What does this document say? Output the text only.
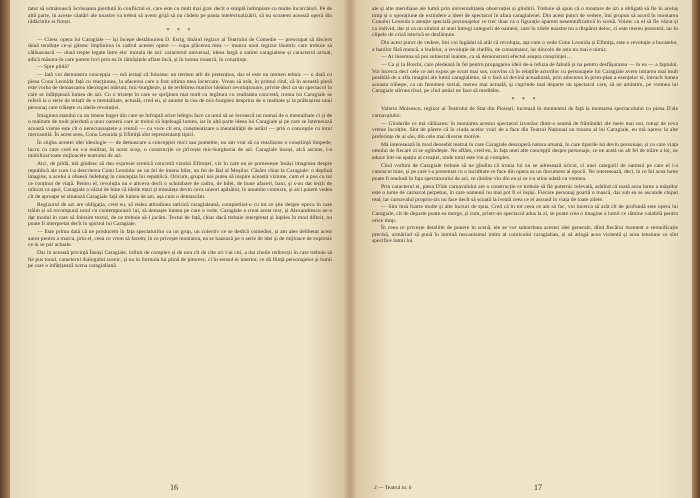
tator să urmărească Scrisoarea pierdută în conflictul ei, care este cu mult mai grav decît o simplă întîmplare cu multe încurcături. Pe de altă parte, în aceste căutări ale noastre va trebui să avem grijă să nu cădem pe panta intelectualizării, să nu scoatem această operă din rădăcinile ei firești.

* * *

— Citesc opera lui Caragiale — își începe destăinuirea D. Esrig, tînărul regizor al Teatrului de Comedie — preocupat să discern două tendințe ce-și găsesc împlinirea în cadrul acestei opere — cupa plăcerea mea — munca unui regizor lăuntric care trebuie să călăuzească — două trepte legate între ele: morala de azi: caracterul universal, ideea largă a satirei caragialene și caracterul actual, adică măsura-în care putem lovi prin ea în rămășițele aflate încă, și în lumea noastră, în conștiințe.

— Spre pildă?

— Iată voi demonstra concepția — mă iertați că folosesc un termen atît de pretențios, dar el este un termen tehnic — o dată cu piesa Conu Leonida față cu reacțiunea, la afacerea care a fost ultima mea încercare. Vreau să arăt, în primul rînd, că în această piesă este vorba de demascarea ideologiei mărunt, mic-burgheze, și de terfelirea marilor idealuri revoluționare, privite deci ca un spectacol în care se înfățișează lumea de azi. Cu o tristețe în care se sprijinea mai mult ca legătura cu realitatea concretă, ironia lui Caragiale se referă la o serie de relații de o mentalitate, actuală, cred eu, și anume la cea de mic-burghez desprins de o realitate și la prăbușirea unui personaj care trăiește cu ideile revoluției.

Imaginea statului ca un imens buget din care se înfruptă orice lefegiu face ca unul să se lovească nu numai de o mentalitate ci și de o realitate de mult pierdută a unor oameni care ar trebui să înțeleagă lumea, iar în altă parte ideea lui Caragiale și pe care se întemeiază această vreme este cît o nerecunoaștere a vremii — cu voce cît era, conștientizare a mentalității de astăzi — prin o concepție cu totul mercantilă. În acest sens, Conu Leonida și Efimiță sînt reprezentanți tipici.

În slujba acestei idei ideologie — de demascare a concepției mici sau pometite, nu am vrut să ca reaslizeze o conștiință limpede, lucru cu care cred eu s-a realizat, în acest scop, o construcție ce privește mic-burghezia de azi. Caragiale însuși, alcă ascuns, l-a mobilizat toate mijloacele teatrului de azi.

Aici, de pildă, mă gîndesc să dau expresie scenică concretă vizului Efimiței, viz în care ea se pomenește însăși imaginea despre republică ale cum l-a descrierea Conu Leonida: ae un fel de imens bilet, un fel de Bal al Moșilor. Căsăm chiar la Caragiale: o deplină imagine, a acelui a obsesii îndelung în concepția lui republică. Oricum, grupul noi putea să inspire această viziune, cum el a pus cu tot ce conținut de viață. Pentru el, revoluția nu e altceva decît o schimbare de cadru, de bilet, de bune afaceri, bani, și s-au dat lecții de mîncat ca apoi, Caragiale a văzut de bine că ideile mari și trenulețe devin ceva uneori apăsător, în anumite contexte, și aici putem vedea cît de aproape se situează Caragiale față de lumea de azi, așa cum o demascăm.

Regizorul de azi are obligația, cred eu, să redea atitudinea satirică caragialeană, completînd-o cu tot ce știe despre epoca în care trăim și să recompună totul cu contemporanii lui, să demaște lumea pe care o vede. Caragiale a creat acest text, și Alexandrescu ne-a dat modul în care să folosim textul, de ce trebuie să-l jucăm. Textul de față, chiar dacă trebuie interpretat și înțeles în mod diferit, nu poate fi interpretat decît în spiritul lui Caragiale.

— Este prima dată că ne producem în fața spectatorilor ca un grup, un colectiv ce se dedică comediei, și am ales deliberat acest autor pentru a marca, prin el, ceea ce vrem să facem; în ce privește montarea, ea se bazează pe o serie de idei și de mijloace de expresie ce ni se par actuale.

Dar în această privință Însuși Caragiale, înfinit de complex și de nou cît de cîte ori l-ai citi, a dat cheile redirecții în care trebuie să fie pus tonul, caracterul dialogului scenic, și nu în formula lui plină de pitoresc, ci în sensul ei interior, ce dă ființă personajelor și lumii pe care o înfățișează scena caragialiană.

16

ale și alte meridiane ale lumii prin universalitatea observației și gîndirii. Trebuie să spun că o montare de azi a obligată să fie în acelaș timp și o operațiune de extindere a ideei de spectacol în afara caragialenei. Din acest punct de vedere, îmi propun să acord în montarea Conului Leonida o atenție specială personajelor ce trec doar ca o figurație aparent nesemnificativă în scenă. Voiesc ca el să fie văzut și ca individ, dar și ca un simbol al unei întregi categorii de oameni, care în zilele noastre nu a dispărut deloc, ci este mereu prezentă, iar în clipele de criză istorică se dezlănțuie.

Din acest punct de vedere, îmi voi îngădui să arăt că revoluția, așa cum o vede Conu Leonida și Efimița, este o revoluție a bucatelor, a banilor fără muncă, a leafelor, o revoluție de chefliu, de consumator, iar dincolo de asta nu mai e nimic.

— Ar însemna să pui subiectul înainte, ca să demonstrezi efectul asupra conștiinței…

— Ca și la Brecht, care pledează în fel pentru propagarea ideii de-a refuza de fabulă și na pentru desfășurarea — în ea — a faptului. Voi încerca deci cele ce am expus pe scurt mai sus, convins că în relațiile actorilor cu personajele lui Caragiale avem intrarea mai mult posibilă de a afla imagini ale lumii caragialiene, să o facă să devină actualizată, prin aducerea în prim-plan a esențelor ei, întrucît lumea aceasta trăiește, ca un fenomen social, mereu mai actuală, și cuprinde mai departe un spectacol care, să ne amintim, pe vremea lui Caragiale stîrnea rîsul, pe cînd astăzi ne face să medităm.

* * *

Valeriu Moisescu, regizor al Teatrului de Stat din Ploiești, lucrează în momentul de față la montarea spectacolului cu piesa D'ale carnavalului.

— Gîndurile ce mă călăuzesc în montarea acestui spectacol izvorăsc dintr-o seamă de frămîntări ale mele mai noi, totuși de ceva vreme încolțite. Sînt de părere că în ciuda acelor voiri de a face din Teatrul Național un muzeu al lui Caragiale, eu mă opresc la alte preferințe de al său, din cele mai diverse motive.

Mă interesează în mod deosebit teatrul în care Caragiale descoperă natura umană, în care tipurile lui devin personaje, și cu care viața omului de fiecare zi se oglindește. Ne aflăm, cred eu, în fața unei alte concepții despre personaje, ce ne arată un alt fel de trăire a lor, ne aduce într-un spațiu al creației, unde totul este viu și complex.

Cînd vorbim de Caragiale trebuie să ne gîndim că ironia lui nu se adresează oricui, ci unei categorii de oameni pe care el i-a cunoscut bine, și pe care i-a prezentat cu o luciditate ce face din opera sa un document al epocii. Ne interesează, deci, în ce fel acea lume poate fi readusă în fața spectatorului de azi, ce rămîne viu din ea și ce s-a stins odată cu vremea.

Prin caracterul ei, piesa D'ale carnavalului are o construcție ce trebuie să fie puternic relevată, arătînd că toată acea lume a măștilor este o lume de carnaval perpetuu, în care oamenii nu mai pot fi ei înșiși. Fiecare personaj poartă o mască, dar sub ea se ascunde chipul real, iar carnavalul propriu-zis nu face decît să scoată la iveală ceea ce ei ascund în viața de toate zilele.

— Sînt însă foarte multe și alte lucruri de spus. Cred că în tot ceea ce am să fac, voi încerca să arăt cît de profundă este opera lui Caragiale, cît de departe poate ea merge, și cum, printr-un spectacol adus la zi, se poate crea o imagine a lumii ce rămîne valabilă pentru orice timp.

În ceea ce privește detaliile de punere în scenă, ele se vor subordona acestei idei generale, dînd fiecărui moment o semnificație precisă, urmărind să pună în lumină mecanismul intim al comicului caragialian, și să atingă acea violentă și acea tensiune ce sînt specifice lumii lui.

2 — Teatrul nr. 6	17
